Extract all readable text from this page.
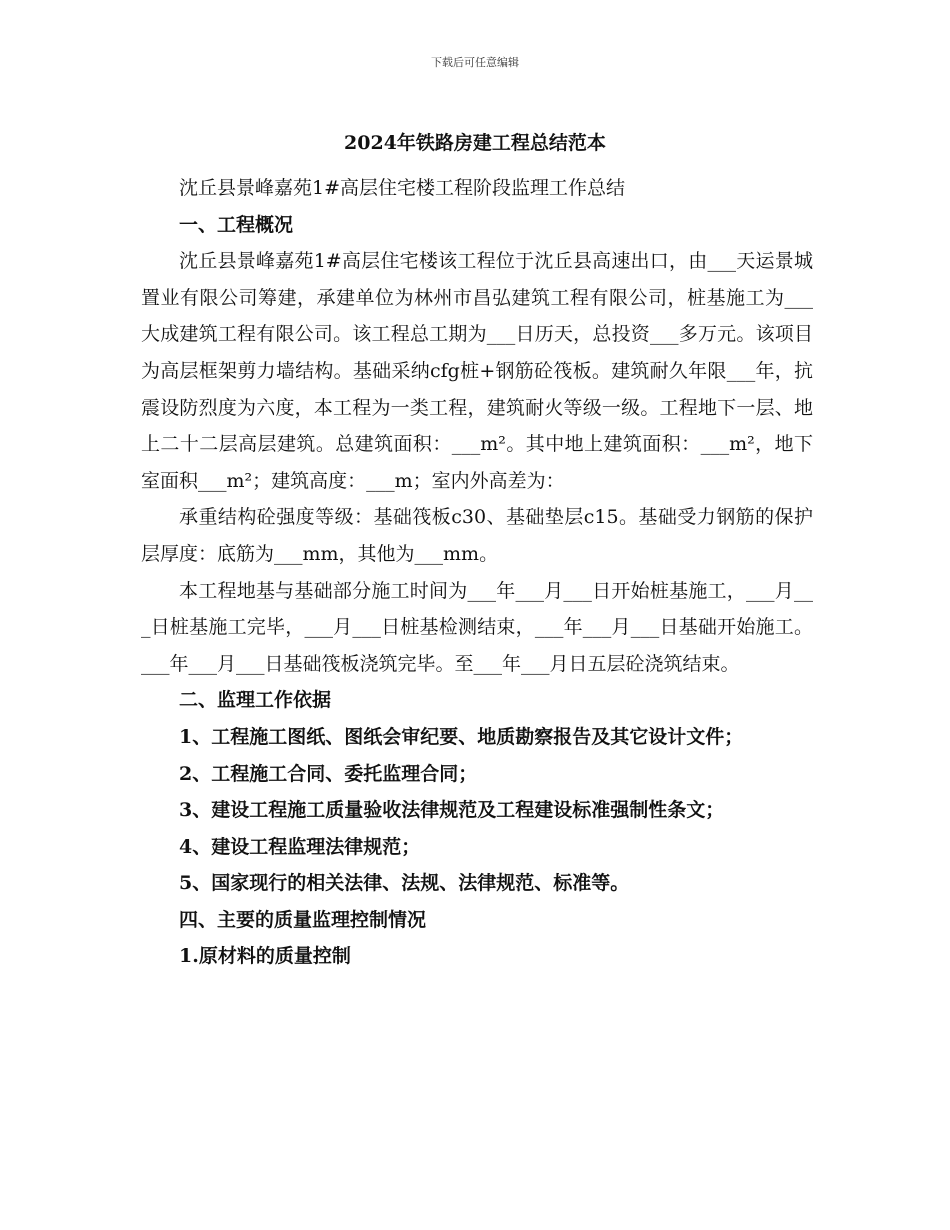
下载后可任意编辑
2024年铁路房建工程总结范本

沈丘县景峰嘉苑1#高层住宅楼工程阶段监理工作总结

一、工程概况

沈丘县景峰嘉苑1#高层住宅楼该工程位于沈丘县高速出口，由___天运景城置业有限公司筹建，承建单位为林州市昌弘建筑工程有限公司，桩基施工为___大成建筑工程有限公司。该工程总工期为___日历天，总投资___多万元。该项目为高层框架剪力墙结构。基础采纳cfg桩+钢筋砼筏板。建筑耐久年限___年，抗震设防烈度为六度，本工程为一类工程，建筑耐火等级一级。工程地下一层、地上二十二层高层建筑。总建筑面积：___m²。其中地上建筑面积：___m²，地下室面积___m²；建筑高度：___m；室内外高差为：

承重结构砼强度等级：基础筏板c30、基础垫层c15。基础受力钢筋的保护层厚度：底筋为___mm，其他为___mm。

本工程地基与基础部分施工时间为___年___月___日开始桩基施工，___月___日桩基施工完毕，___月___日桩基检测结束，___年___月___日基础开始施工。___年___月___日基础筏板浇筑完毕。至___年___月日五层砼浇筑结束。

二、监理工作依据

1、工程施工图纸、图纸会审纪要、地质勘察报告及其它设计文件；

2、工程施工合同、委托监理合同；

3、建设工程施工质量验收法律规范及工程建设标准强制性条文；

4、建设工程监理法律规范；

5、国家现行的相关法律、法规、法律规范、标准等。

四、主要的质量监理控制情况

1.原材料的质量控制
